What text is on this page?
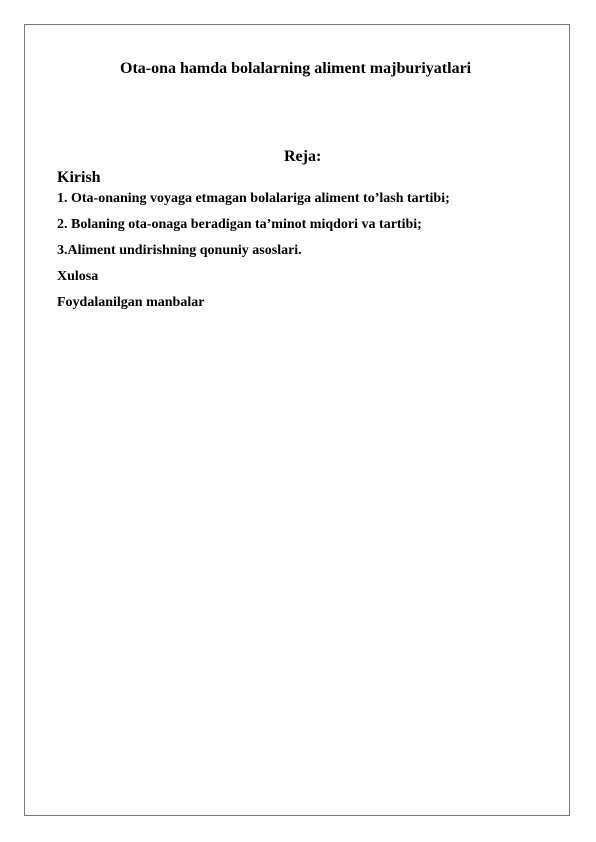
Ota-ona hamda bolalarning aliment majburiyatlari
Reja:
Kirish
1. Ota-onaning voyaga etmagan bolalariga aliment to’lash tartibi;
2. Bolaning ota-onaga beradigan ta’minot miqdori va tartibi;
3.Aliment undirishning qonuniy asoslari.
Xulosa
Foydalanilgan manbalar
